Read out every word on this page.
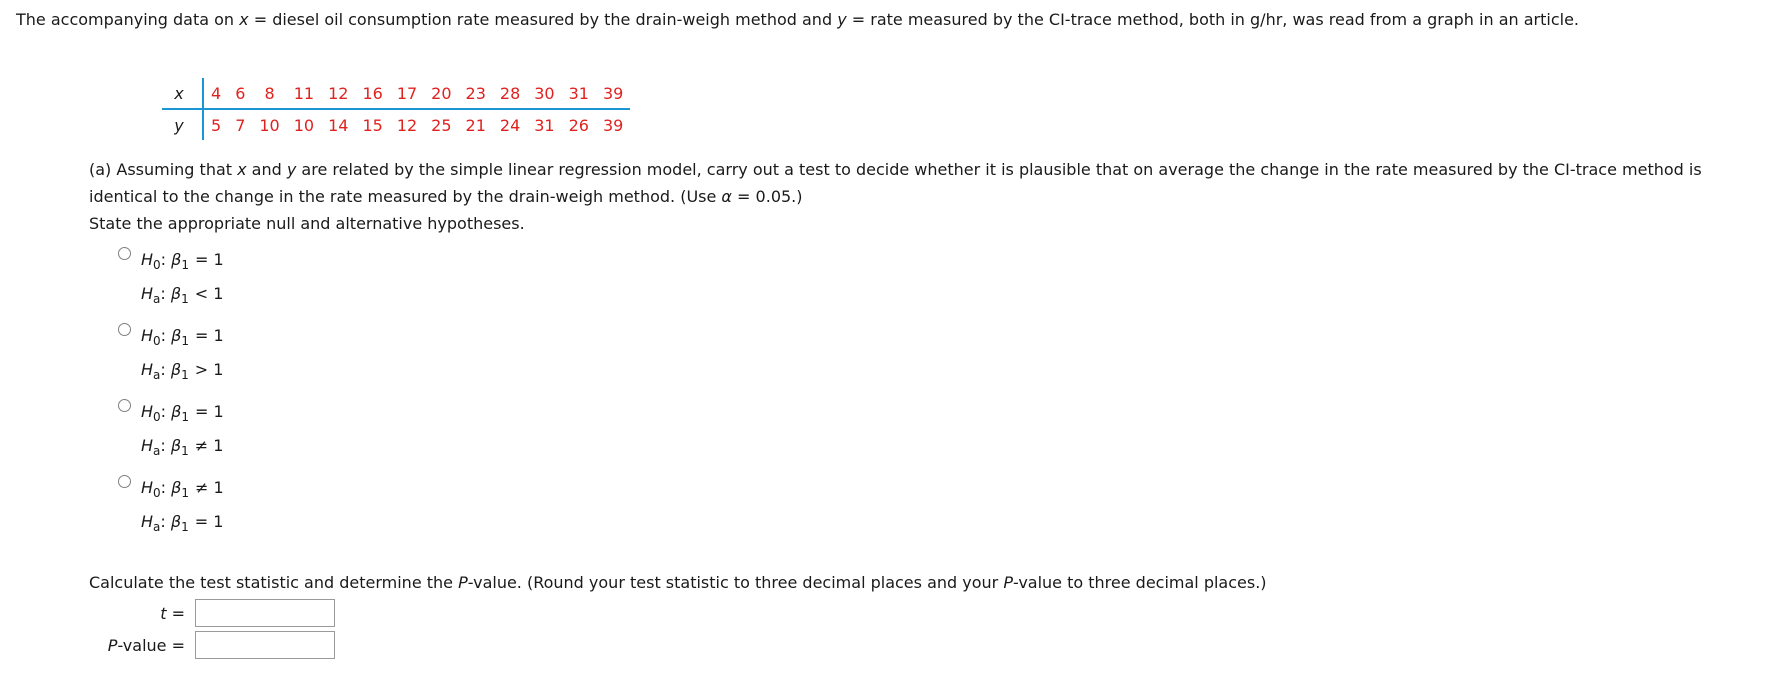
The accompanying data on x = diesel oil consumption rate measured by the drain-weigh method and y = rate measured by the CI-trace method, both in g/hr, was read from a graph in an article.
x	4	6	8	11	12	16	17	20	23	28	30	31	39
y	5	7	10	10	14	15	12	25	21	24	31	26	39
(a) Assuming that x and y are related by the simple linear regression model, carry out a test to decide whether it is plausible that on average the change in the rate measured by the CI-trace method is identical to the change in the rate measured by the drain-weigh method. (Use α = 0.05.)
State the appropriate null and alternative hypotheses.
$H_0$: $\beta_1 = 1$
$H_a$: $\beta_1 < 1$
$H_0$: $\beta_1 = 1$
$H_a$: $\beta_1 > 1$
$H_0$: $\beta_1 = 1$
$H_a$: $\beta_1 \ne 1$
$H_0$: $\beta_1 \ne 1$
$H_a$: $\beta_1 = 1$
Calculate the test statistic and determine the P-value. (Round your test statistic to three decimal places and your P-value to three decimal places.)
t =
P-value =
